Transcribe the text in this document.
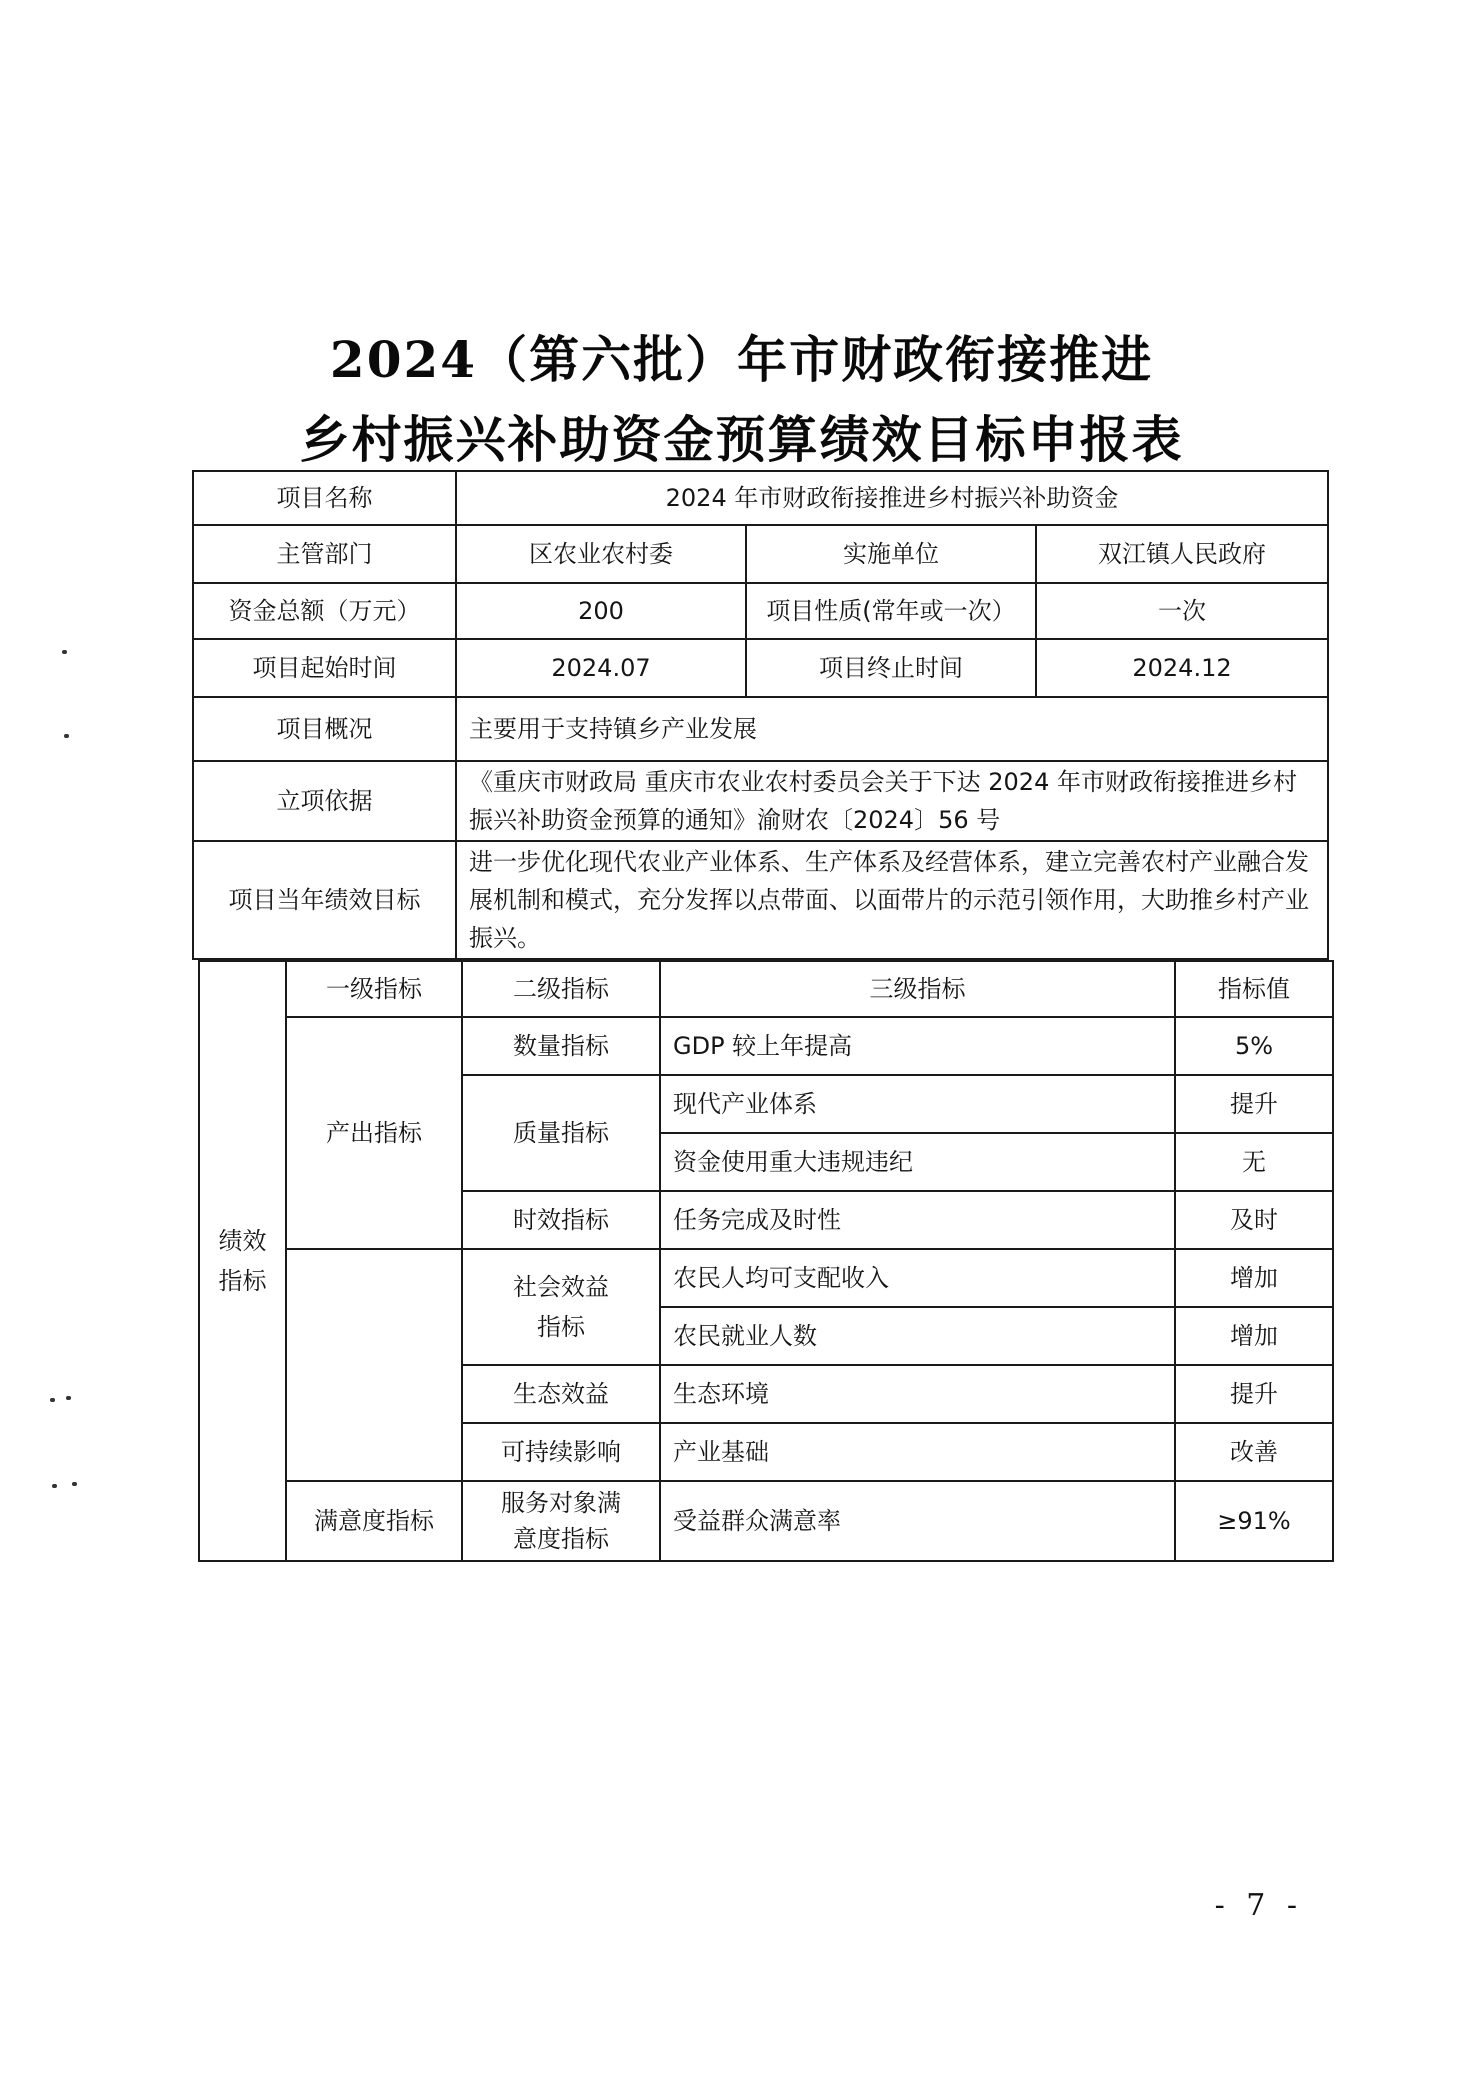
2024（第六批）年市财政衔接推进
乡村振兴补助资金预算绩效目标申报表
项目名称	2024 年市财政衔接推进乡村振兴补助资金		
主管部门	区农业农村委	实施单位	双江镇人民政府
资金总额（万元）	200	项目性质(常年或一次）	一次
项目起始时间	2024.07	项目终止时间	2024.12
项目概况	主要用于支持镇乡产业发展		
立项依据	《重庆市财政局 重庆市农业农村委员会关于下达 2024 年市财政衔接推进乡村振兴补助资金预算的通知》渝财农〔2024〕56 号		
项目当年绩效目标	进一步优化现代农业产业体系、生产体系及经营体系，建立完善农村产业融合发展机制和模式，充分发挥以点带面、以面带片的示范引领作用，大助推乡村产业振兴。		
绩效指标	一级指标	二级指标	三级指标	指标值
	产出指标	数量指标	GDP 较上年提高	5%
		质量指标	现代产业体系	提升
			资金使用重大违规违纪	无
		时效指标	任务完成及时性	及时

		社会效益指标	农民人均可支配收入	增加
			农民就业人数	增加
		生态效益	生态环境	提升
		可持续影响	产业基础	改善
	满意度指标	服务对象满意度指标	受益群众满意率	≥91%
- 7 -
